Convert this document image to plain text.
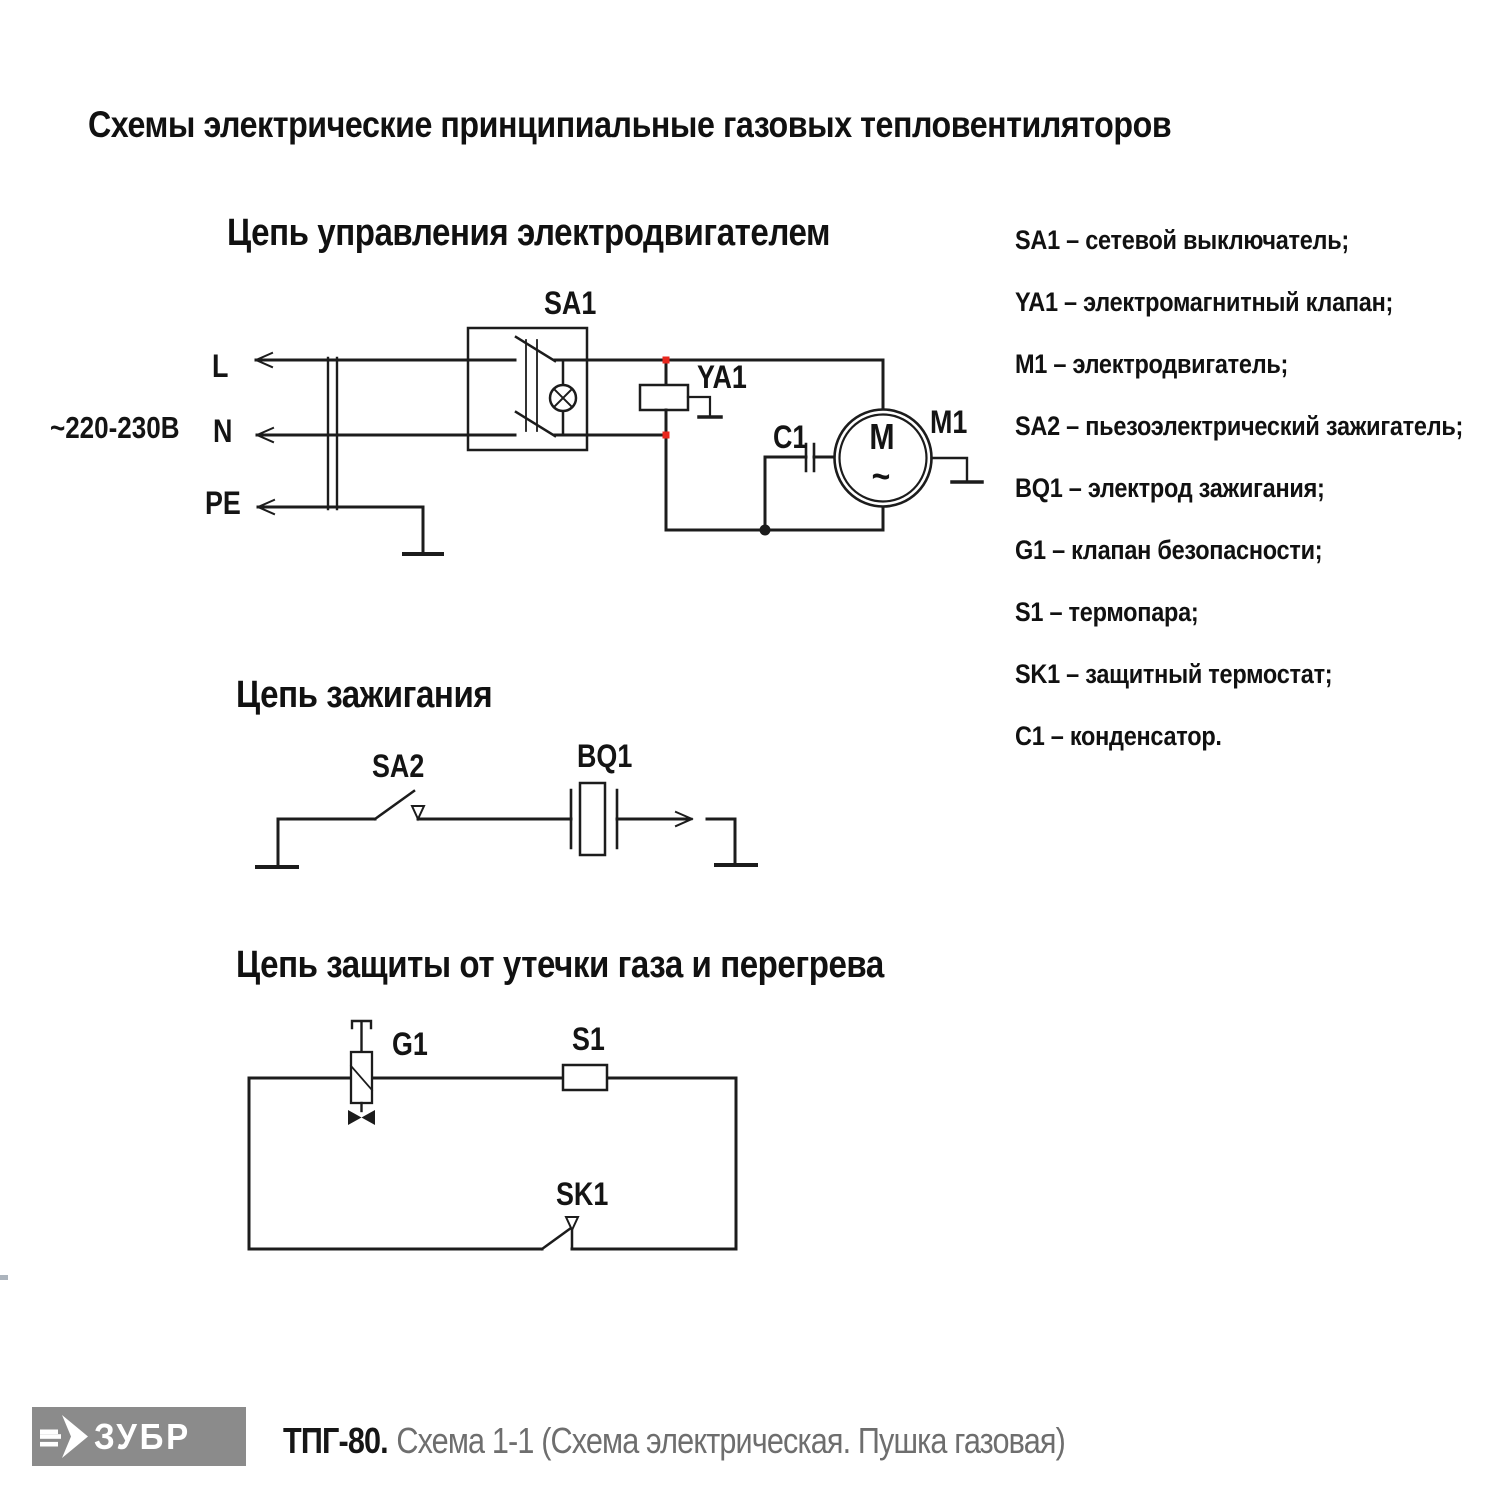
Схемы электрические принципиальные газовых тепловентиляторов
Цепь управления электродвигателем
Цепь зажигания
Цепь защиты от утечки газа и перегрева
SA1 – сетевой выключатель;
YA1 – электромагнитный клапан;
M1 – электродвигатель;
SA2 – пьезоэлектрический зажигатель;
BQ1 – электрод зажигания;
G1 – клапан безопасности;
S1 – термопара;
SK1 – защитный термостат;
C1 – конденсатор.
~220-230В
L
N
PE
SA1
YA1
C1	M1
M
~
SA2	BQ1
G1	S1
SK1
ЗУБР	ТПГ-80. Схема 1-1 (Схема электрическая. Пушка газовая)
